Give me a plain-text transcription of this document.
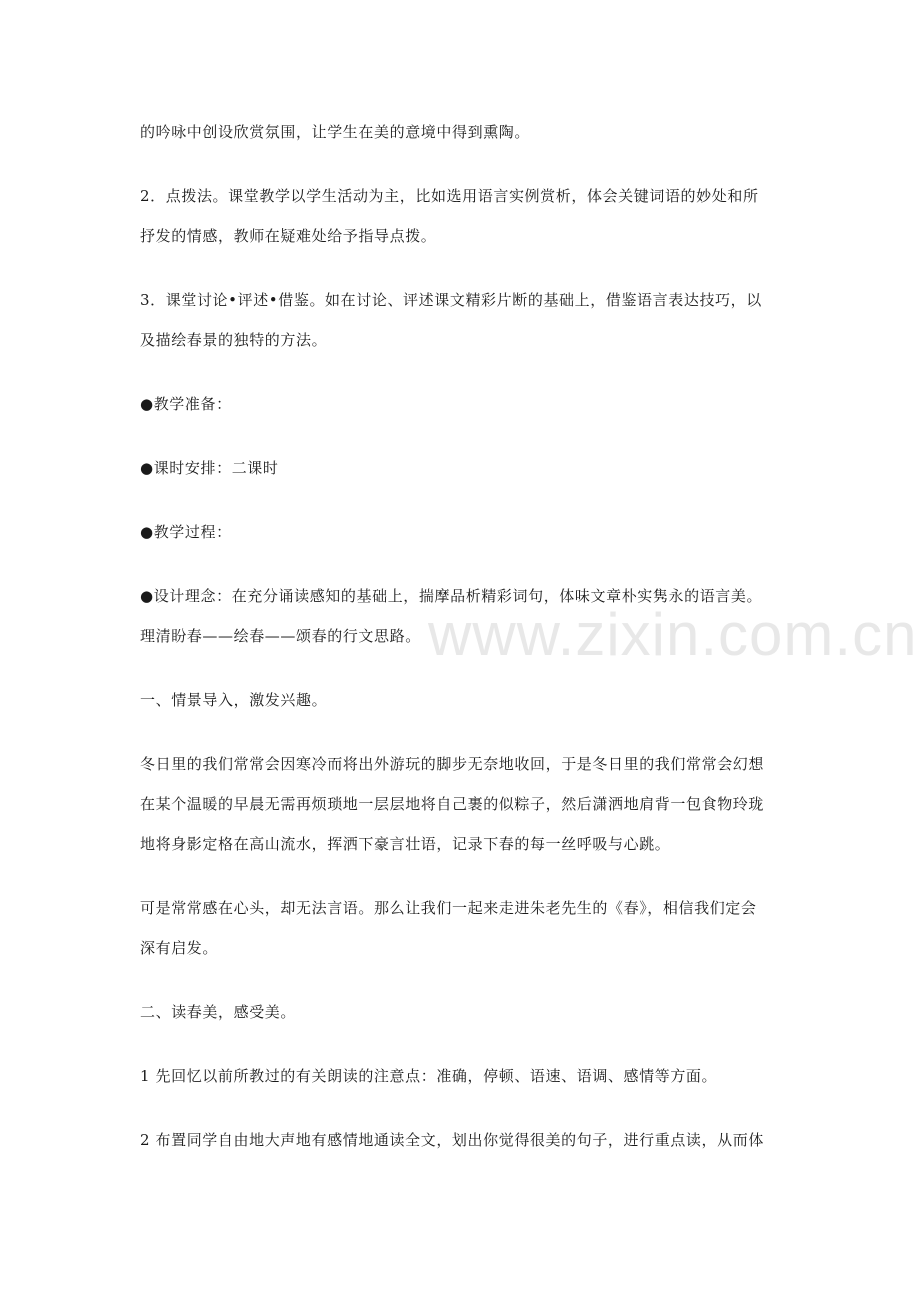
的吟咏中创设欣赏氛围，让学生在美的意境中得到熏陶。
2．点拨法。课堂教学以学生活动为主，比如选用语言实例赏析，体会关键词语的妙处和所
抒发的情感，教师在疑难处给予指导点拨。
3．课堂讨论•评述•借鉴。如在讨论、评述课文精彩片断的基础上，借鉴语言表达技巧，以
及描绘春景的独特的方法。
●教学准备：
●课时安排：二课时
●教学过程：
●设计理念：在充分诵读感知的基础上，揣摩品析精彩词句，体味文章朴实隽永的语言美。
理清盼春——绘春——颂春的行文思路。
一、情景导入，激发兴趣。
冬日里的我们常常会因寒冷而将出外游玩的脚步无奈地收回，于是冬日里的我们常常会幻想
在某个温暖的早晨无需再烦琐地一层层地将自己裹的似粽子，然后潇洒地肩背一包食物玲珑
地将身影定格在高山流水，挥洒下豪言壮语，记录下春的每一丝呼吸与心跳。
可是常常感在心头，却无法言语。那么让我们一起来走进朱老先生的《春》，相信我们定会
深有启发。
二、读春美，感受美。
1 先回忆以前所教过的有关朗读的注意点：准确，停顿、语速、语调、感情等方面。
2 布置同学自由地大声地有感情地通读全文，划出你觉得很美的句子，进行重点读，从而体
www.zixin.com.cn
